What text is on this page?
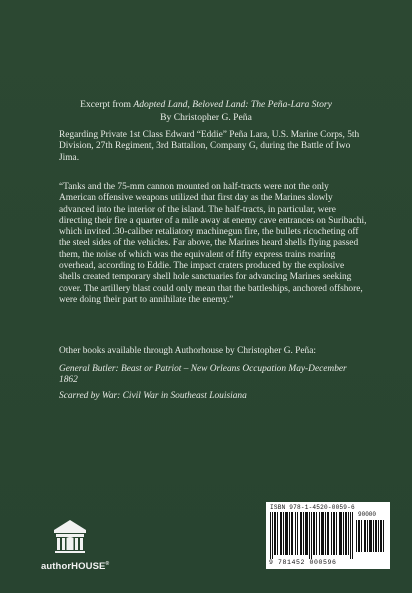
Excerpt from Adopted Land, Beloved Land: The Peña-Lara Story
By Christopher G. Peña
Regarding Private 1st Class Edward “Eddie” Peña Lara, U.S. Marine Corps, 5th Division, 27th Regiment, 3rd Battalion, Company G, during the Battle of Iwo Jima.
“Tanks and the 75-mm cannon mounted on half-tracts were not the only American offensive weapons utilized that first day as the Marines slowly advanced into the interior of the island. The half-tracts, in particular, were directing their fire a quarter of a mile away at enemy cave entrances on Suribachi, which invited .30-caliber retaliatory machinegun fire, the bullets ricocheting off the steel sides of the vehicles. Far above, the Marines heard shells flying passed them, the noise of which was the equivalent of fifty express trains roaring overhead, according to Eddie. The impact craters produced by the explosive shells created temporary shell hole sanctuaries for advancing Marines seeking cover. The artillery blast could only mean that the battleships, anchored offshore, were doing their part to annihilate the enemy.”
Other books available through Authorhouse by Christopher G. Peña:
General Butler: Beast or Patriot – New Orleans Occupation May-December 1862
Scarred by War: Civil War in Southeast Louisiana
authorHOUSE®
ISBN 978-1-4520-0059-6
90000
9 781452 000596
